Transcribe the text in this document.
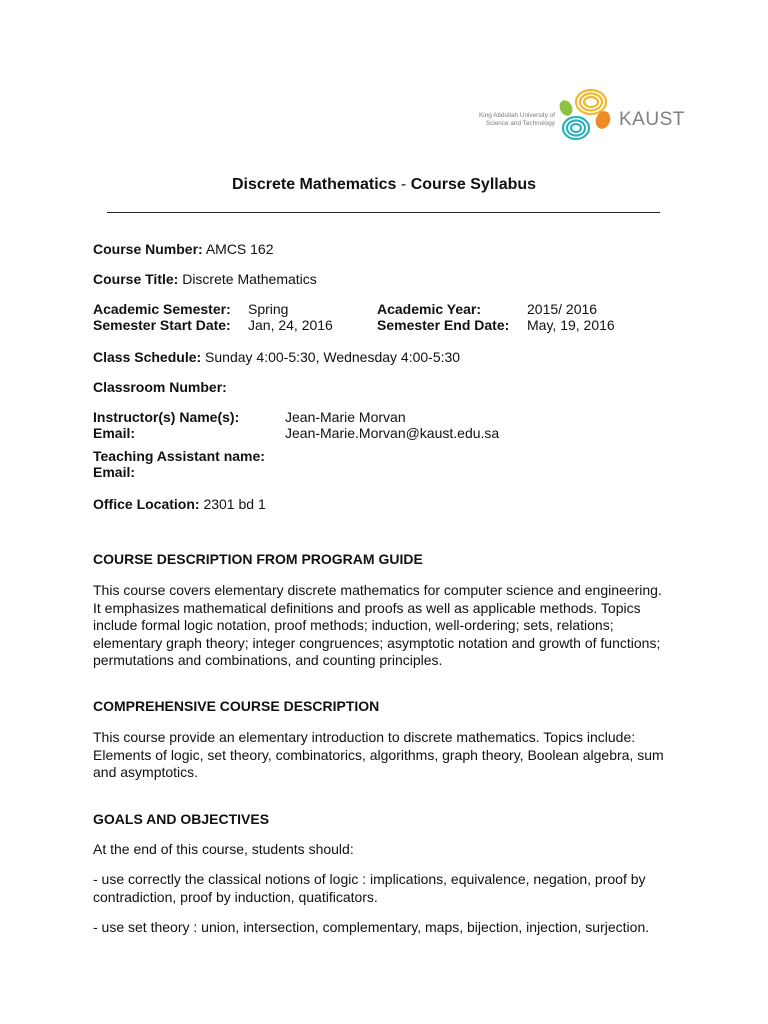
King Abdullah University of
Science and Technology	KAUST
Discrete Mathematics - Course Syllabus
Course Number: AMCS 162
Course Title: Discrete Mathematics
Academic Semester: Spring	Academic Year:	2015/ 2016
Semester Start Date: Jan, 24, 2016	Semester End Date: May, 19, 2016
Class Schedule: Sunday 4:00-5:30, Wednesday 4:00-5:30
Classroom Number:
Instructor(s) Name(s):	Jean-Marie Morvan
Email:	Jean-Marie.Morvan@kaust.edu.sa
Teaching Assistant name:
Email:
Office Location: 2301 bd 1
COURSE DESCRIPTION FROM PROGRAM GUIDE
This course covers elementary discrete mathematics for computer science and engineering.
It emphasizes mathematical definitions and proofs as well as applicable methods. Topics
include formal logic notation, proof methods; induction, well-ordering; sets, relations;
elementary graph theory; integer congruences; asymptotic notation and growth of functions;
permutations and combinations, and counting principles.
COMPREHENSIVE COURSE DESCRIPTION
This course provide an elementary introduction to discrete mathematics. Topics include:
Elements of logic, set theory, combinatorics, algorithms, graph theory, Boolean algebra, sum
and asymptotics.
GOALS AND OBJECTIVES
At the end of this course, students should:
- use correctly the classical notions of logic : implications, equivalence, negation, proof by
contradiction, proof by induction, quatificators.
- use set theory : union, intersection, complementary, maps, bijection, injection, surjection.
